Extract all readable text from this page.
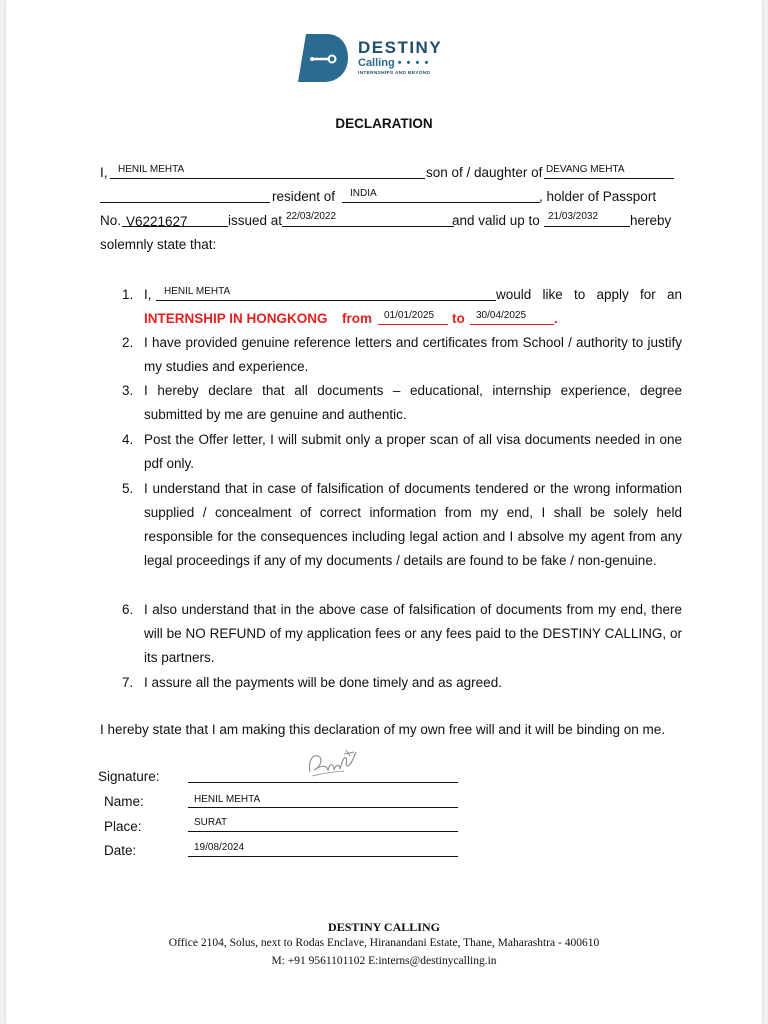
DESTINY
Calling • • • •
INTERNSHIPS AND BEYOND
DECLARATION
I, HENIL MEHTA	son of / daughter of DEVANG MEHTA
resident of INDIA	, holder of Passport
No. V6221627	issued at 22/03/2022	and valid up to 21/03/2032 hereby
solemnly state that:
1. I, HENIL MEHTA	would like to apply for an
INTERNSHIP IN HONGKONG from 01/01/2025 to 30/04/2025 .
2. I have provided genuine reference letters and certificates from School / authority to justify my studies and experience.
3. I hereby declare that all documents – educational, internship experience, degree submitted by me are genuine and authentic.
4. Post the Offer letter, I will submit only a proper scan of all visa documents needed in one pdf only.
5. I understand that in case of falsification of documents tendered or the wrong information supplied / concealment of correct information from my end, I shall be solely held responsible for the consequences including legal action and I absolve my agent from any legal proceedings if any of my documents / details are found to be fake / non-genuine.
6. I also understand that in the above case of falsification of documents from my end, there will be NO REFUND of my application fees or any fees paid to the DESTINY CALLING, or its partners.
7. I assure all the payments will be done timely and as agreed.
I hereby state that I am making this declaration of my own free will and it will be binding on me.
Signature:
Name:	HENIL MEHTA
Place:	SURAT
Date:	19/08/2024
DESTINY CALLING
Office 2104, Solus, next to Rodas Enclave, Hiranandani Estate, Thane, Maharashtra - 400610
M: +91 9561101102 E:interns@destinycalling.in
